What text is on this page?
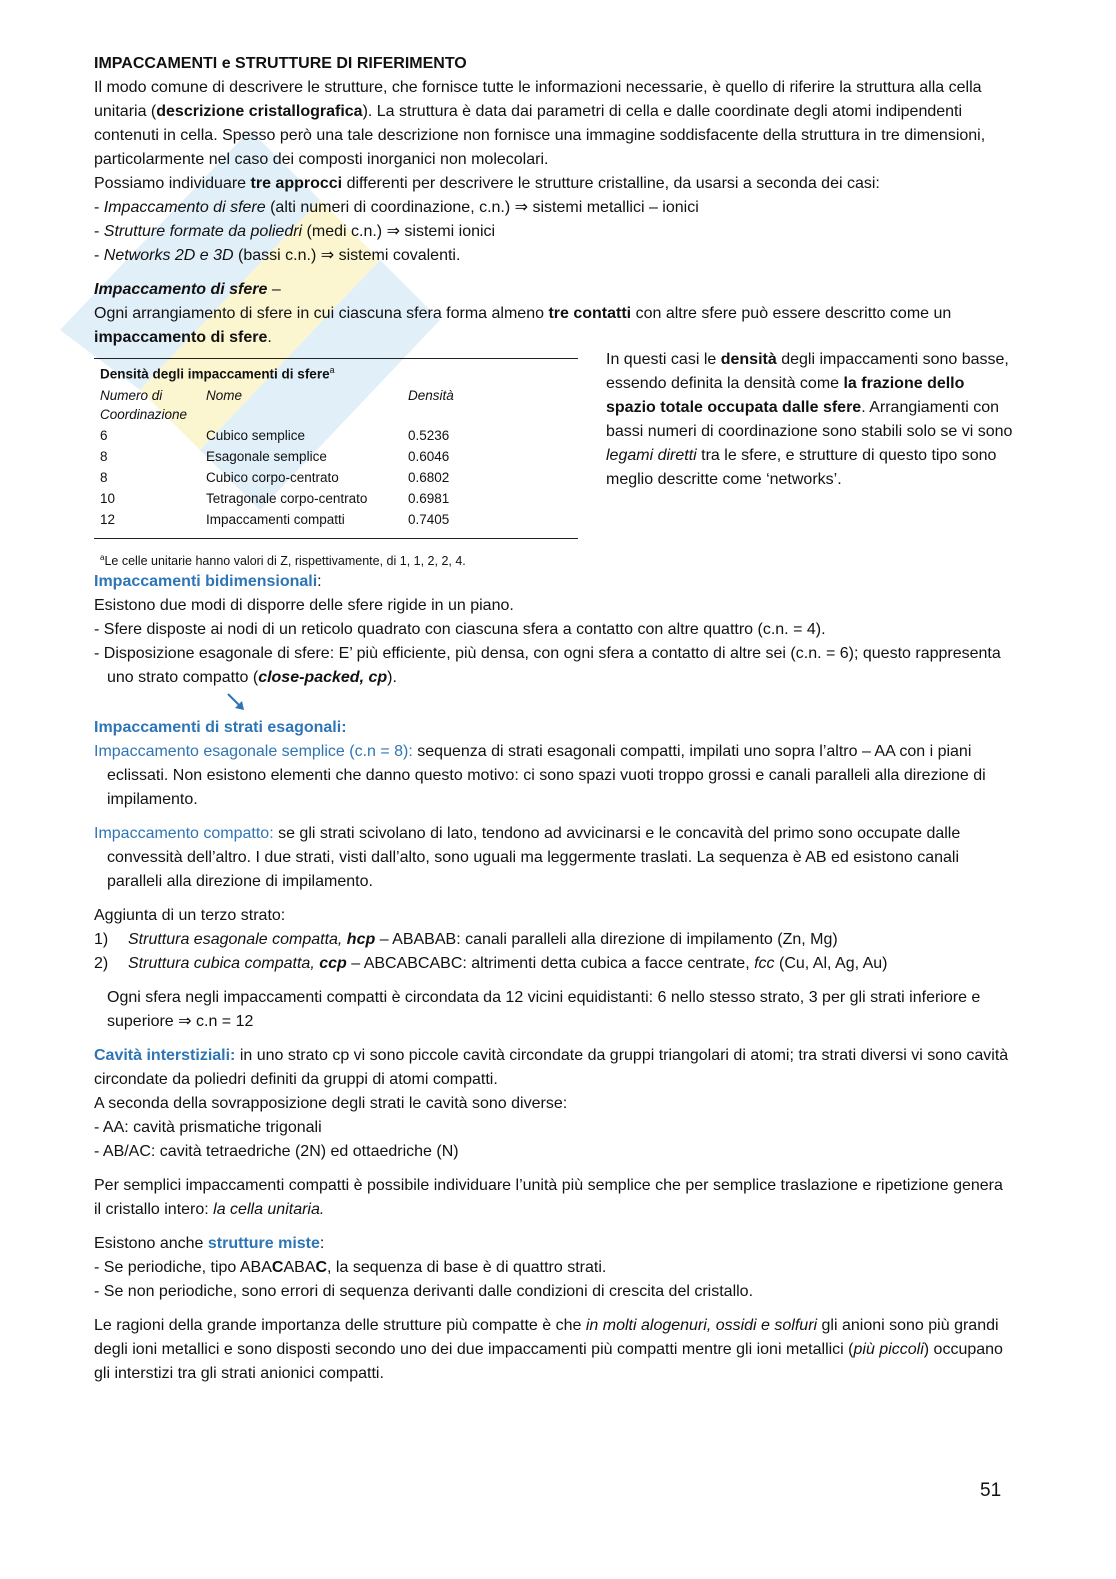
IMPACCAMENTI e STRUTTURE DI RIFERIMENTO

Il modo comune di descrivere le strutture, che fornisce tutte le informazioni necessarie, è quello di riferire la struttura alla cella unitaria (descrizione cristallografica). La struttura è data dai parametri di cella e dalle coordinate degli atomi indipendenti contenuti in cella. Spesso però una tale descrizione non fornisce una immagine soddisfacente della struttura in tre dimensioni, particolarmente nel caso dei composti inorganici non molecolari.

Possiamo individuare tre approcci differenti per descrivere le strutture cristalline, da usarsi a seconda dei casi:

- Impaccamento di sfere (alti numeri di coordinazione, c.n.) ⇒ sistemi metallici – ionici

- Strutture formate da poliedri (medi c.n.) ⇒ sistemi ionici

- Networks 2D e 3D (bassi c.n.) ⇒ sistemi covalenti.

Impaccamento di sfere –

Ogni arrangiamento di sfere in cui ciascuna sfera forma almeno tre contatti con altre sfere può essere descritto come un impaccamento di sfere.

Densità degli impaccamenti di sfere$^a$
Numero di Coordinazione	Nome	Densità
6	Cubico semplice	0.5236
8	Esagonale semplice	0.6046
8	Cubico corpo-centrato	0.6802
10	Tetragonale corpo-centrato	0.6981
12	Impaccamenti compatti	0.7405
$^a$Le celle unitarie hanno valori di Z, rispettivamente, di 1, 1, 2, 2, 4.
In questi casi le densità degli impaccamenti sono basse, essendo definita la densità come la frazione dello spazio totale occupata dalle sfere. Arrangiamenti con bassi numeri di coordinazione sono stabili solo se vi sono legami diretti tra le sfere, e strutture di questo tipo sono meglio descritte come ‘networks’.

Impaccamenti bidimensionali:

Esistono due modi di disporre delle sfere rigide in un piano.

- Sfere disposte ai nodi di un reticolo quadrato con ciascuna sfera a contatto con altre quattro (c.n. = 4).

- Disposizione esagonale di sfere: E’ più efficiente, più densa, con ogni sfera a contatto di altre sei (c.n. = 6); questo rappresenta uno strato compatto (close-packed, cp).

Impaccamenti di strati esagonali:

Impaccamento esagonale semplice (c.n = 8): sequenza di strati esagonali compatti, impilati uno sopra l’altro – AA con i piani eclissati. Non esistono elementi che danno questo motivo: ci sono spazi vuoti troppo grossi e canali paralleli alla direzione di impilamento.

Impaccamento compatto: se gli strati scivolano di lato, tendono ad avvicinarsi e le concavità del primo sono occupate dalle convessità dell’altro. I due strati, visti dall’alto, sono uguali ma leggermente traslati. La sequenza è AB ed esistono canali paralleli alla direzione di impilamento.

Aggiunta di un terzo strato:

1)	Struttura esagonale compatta, hcp – ABABAB: canali paralleli alla direzione di impilamento (Zn, Mg)
2)	Struttura cubica compatta, ccp – ABCABCABC: altrimenti detta cubica a facce centrate, fcc (Cu, Al, Ag, Au)

Ogni sfera negli impaccamenti compatti è circondata da 12 vicini equidistanti: 6 nello stesso strato, 3 per gli strati inferiore e superiore ⇒ c.n = 12

Cavità interstiziali: in uno strato cp vi sono piccole cavità circondate da gruppi triangolari di atomi; tra strati diversi vi sono cavità circondate da poliedri definiti da gruppi di atomi compatti.

A seconda della sovrapposizione degli strati le cavità sono diverse:

- AA: cavità prismatiche trigonali

- AB/AC: cavità tetraedriche (2N) ed ottaedriche (N)

Per semplici impaccamenti compatti è possibile individuare l’unità più semplice che per semplice traslazione e ripetizione genera il cristallo intero: la cella unitaria.

Esistono anche strutture miste:

- Se periodiche, tipo ABACABAC, la sequenza di base è di quattro strati.

- Se non periodiche, sono errori di sequenza derivanti dalle condizioni di crescita del cristallo.

Le ragioni della grande importanza delle strutture più compatte è che in molti alogenuri, ossidi e solfuri gli anioni sono più grandi degli ioni metallici e sono disposti secondo uno dei due impaccamenti più compatti mentre gli ioni metallici (più piccoli) occupano gli interstizi tra gli strati anionici compatti.

51
